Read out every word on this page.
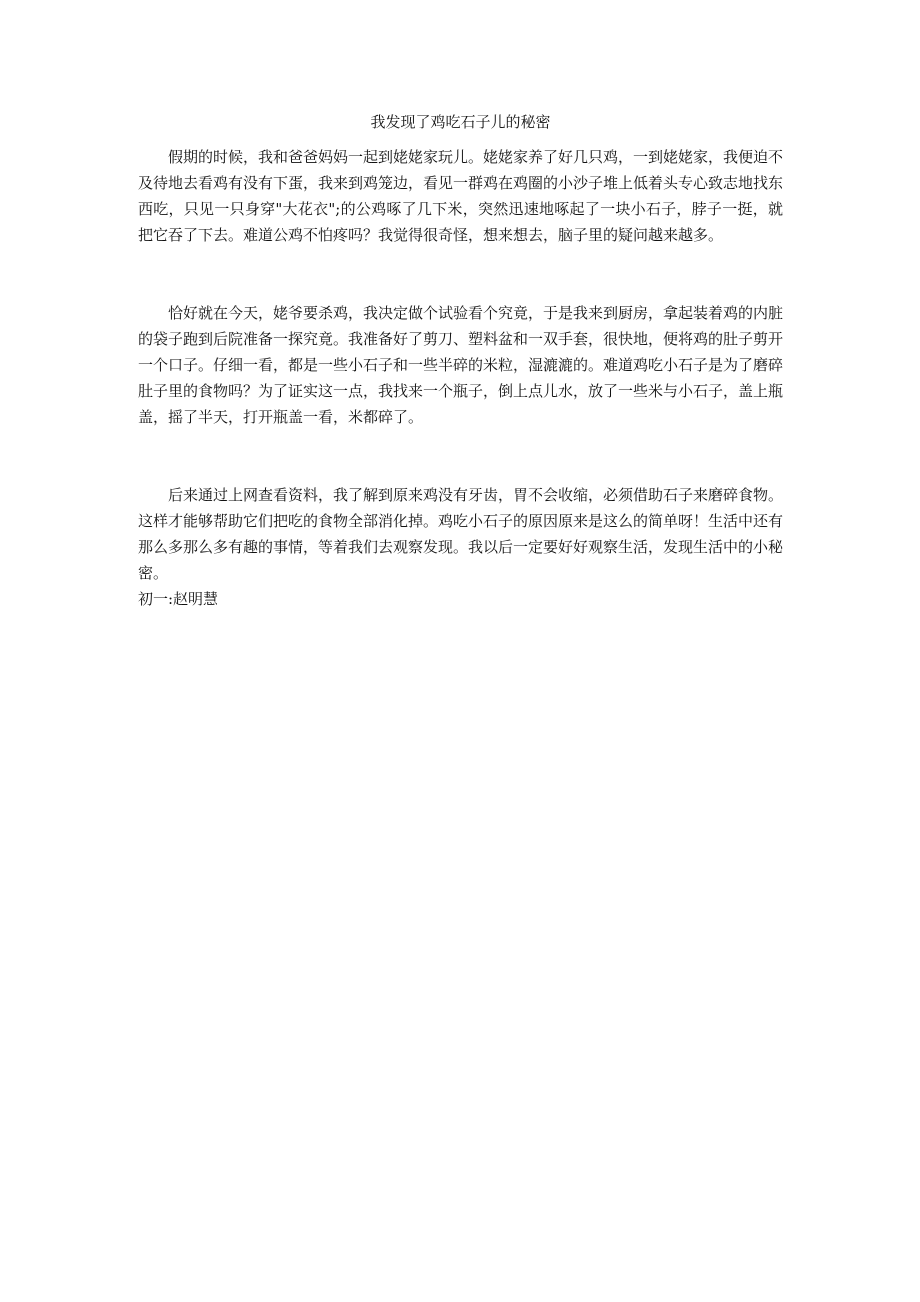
我发现了鸡吃石子儿的秘密

假期的时候，我和爸爸妈妈一起到姥姥家玩儿。姥姥家养了好几只鸡，一到姥姥家，我便迫不及待地去看鸡有没有下蛋，我来到鸡笼边，看见一群鸡在鸡圈的小沙子堆上低着头专心致志地找东西吃，只见一只身穿"大花衣";的公鸡啄了几下米，突然迅速地啄起了一块小石子，脖子一挺，就把它吞了下去。难道公鸡不怕疼吗？我觉得很奇怪，想来想去，脑子里的疑问越来越多。

恰好就在今天，姥爷要杀鸡，我决定做个试验看个究竟，于是我来到厨房，拿起装着鸡的内脏的袋子跑到后院准备一探究竟。我准备好了剪刀、塑料盆和一双手套，很快地，便将鸡的肚子剪开一个口子。仔细一看，都是一些小石子和一些半碎的米粒，湿漉漉的。难道鸡吃小石子是为了磨碎肚子里的食物吗？为了证实这一点，我找来一个瓶子，倒上点儿水，放了一些米与小石子，盖上瓶盖，摇了半天，打开瓶盖一看，米都碎了。

后来通过上网查看资料，我了解到原来鸡没有牙齿，胃不会收缩，必须借助石子来磨碎食物。这样才能够帮助它们把吃的食物全部消化掉。鸡吃小石子的原因原来是这么的简单呀！生活中还有那么多那么多有趣的事情，等着我们去观察发现。我以后一定要好好观察生活，发现生活中的小秘密。

初一:赵明慧
